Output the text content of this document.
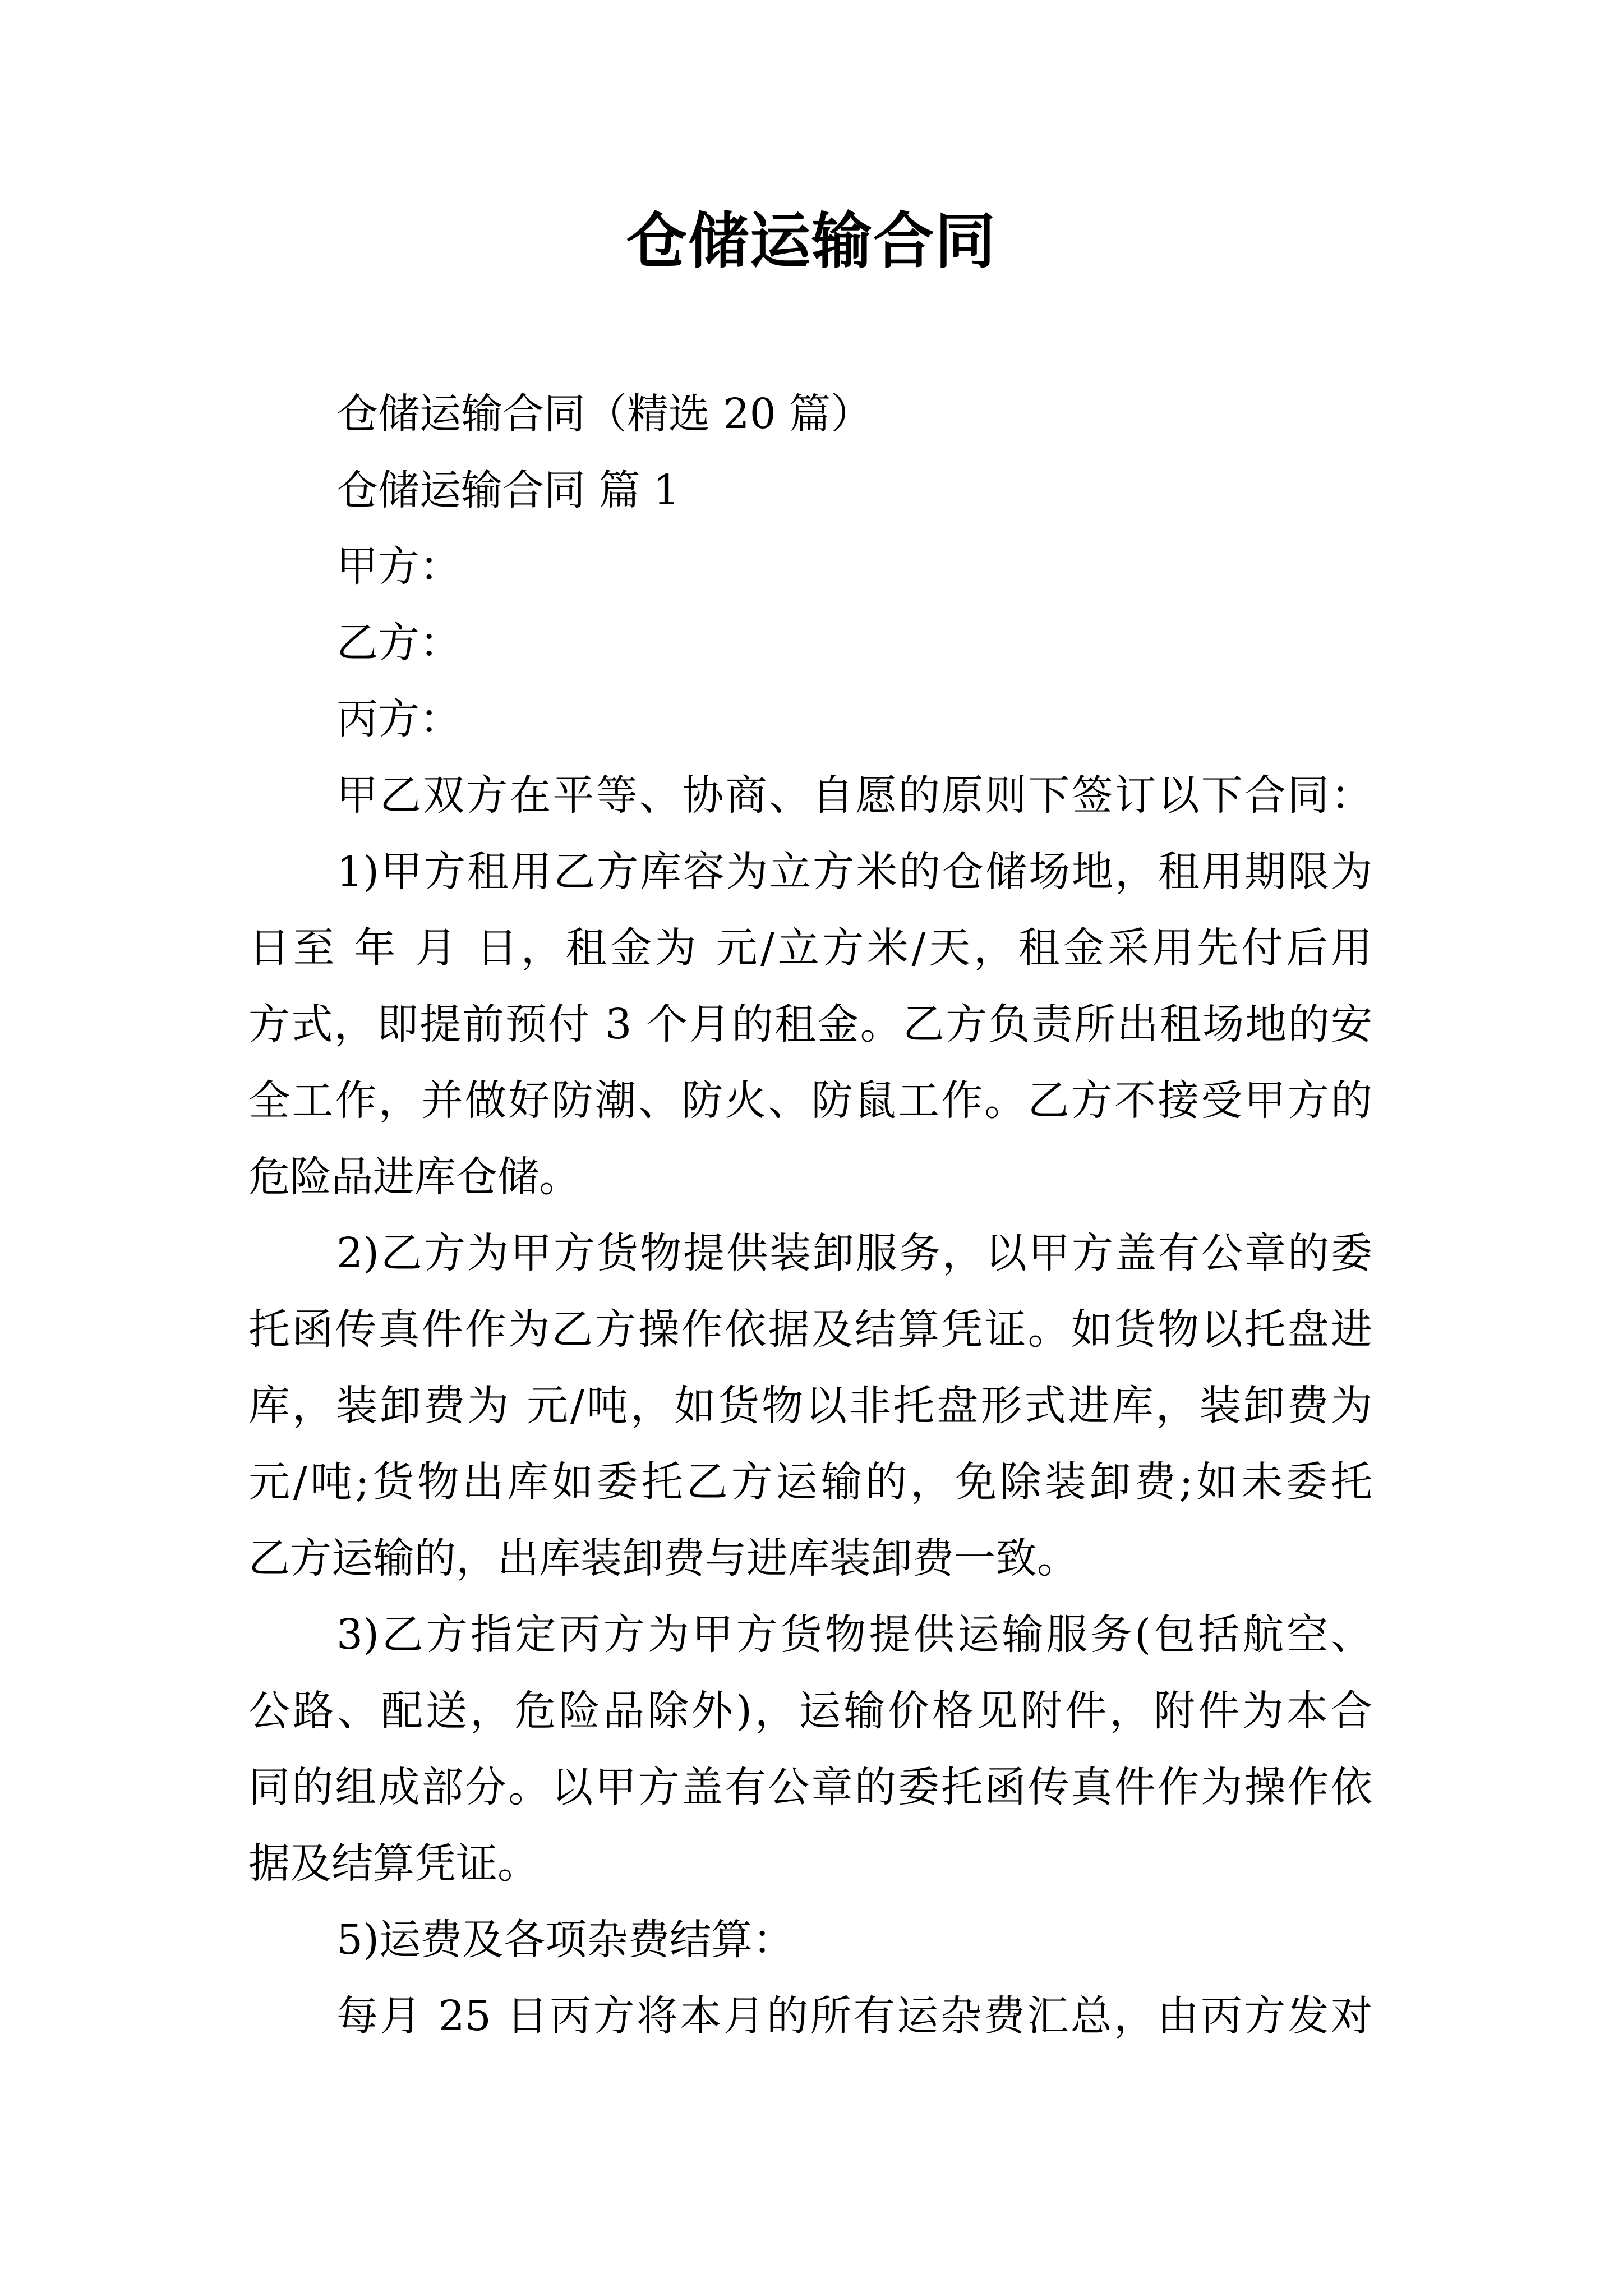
仓储运输合同
仓储运输合同（精选 20 篇）
仓储运输合同 篇 1
甲方：
乙方：
丙方：
甲乙双方在平等、协商、自愿的原则下签订以下合同：
1)甲方租用乙方库容为立方米的仓储场地，租用期限为
日至 年 月 日，租金为 元/立方米/天，租金采用先付后用
方式，即提前预付 3 个月的租金。乙方负责所出租场地的安
全工作，并做好防潮、防火、防鼠工作。乙方不接受甲方的
危险品进库仓储。
2)乙方为甲方货物提供装卸服务，以甲方盖有公章的委
托函传真件作为乙方操作依据及结算凭证。如货物以托盘进
库，装卸费为 元/吨，如货物以非托盘形式进库，装卸费为
元/吨;货物出库如委托乙方运输的，免除装卸费;如未委托
乙方运输的，出库装卸费与进库装卸费一致。
3)乙方指定丙方为甲方货物提供运输服务(包括航空、
公路、配送，危险品除外)，运输价格见附件，附件为本合
同的组成部分。以甲方盖有公章的委托函传真件作为操作依
据及结算凭证。
5)运费及各项杂费结算：
每月 25 日丙方将本月的所有运杂费汇总，由丙方发对
